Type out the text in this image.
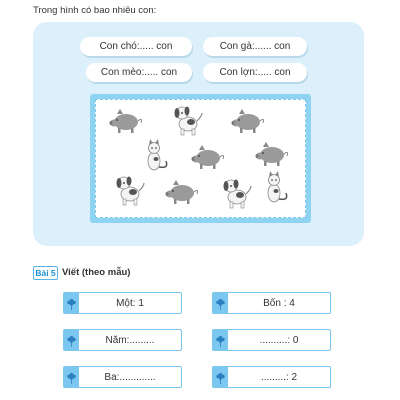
Trong hình có bao nhiêu con:
Con chó:..... con	Con gà:...... con
Con mèo:..... con	Con lợn:..... con
Bài 5 Viết (theo mẫu)
Một: 1	Bốn : 4
Năm:.........	..........: 0
Ba:.............	.........: 2
